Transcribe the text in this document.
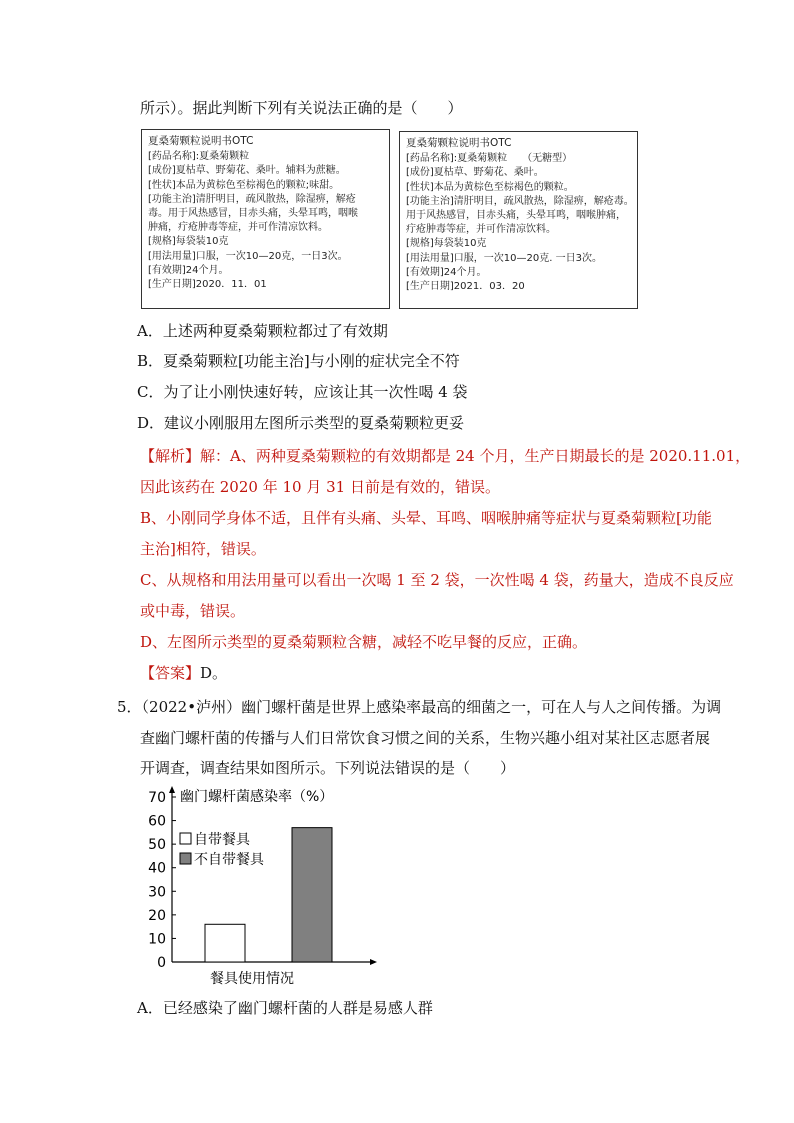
所示）。据此判断下列有关说法正确的是（　　）
夏桑菊颗粒说明书OTC
[药品名称]:夏桑菊颗粒
[成份]夏枯草、野菊花、桑叶。辅料为蔗糖。
[性状]本品为黄棕色至棕褐色的颗粒;味甜。
[功能主治]清肝明目，疏风散热，除湿痹，解疮
毒。用于风热感冒，目赤头痛，头晕耳鸣，咽喉
肿痛，疔疮肿毒等症，并可作清凉饮料。
[规格]每袋装10克
[用法用量]口服，一次10—20克，一日3次。
[有效期]24个月。
[生产日期]2020．11．01
夏桑菊颗粒说明书OTC
[药品名称]:夏桑菊颗粒　　（无糖型）
[成份]夏枯草、野菊花、桑叶。
[性状]本品为黄棕色至棕褐色的颗粒。
[功能主治]清肝明目，疏风散热，除湿痹，解疮毒。
用于风热感冒，目赤头痛，头晕耳鸣，咽喉肿痛，
疔疮肿毒等症，并可作清凉饮料。
[规格]每袋装10克
[用法用量]口服，一次10—20克. 一日3次。
[有效期]24个月。
[生产日期]2021．03．20
A．上述两种夏桑菊颗粒都过了有效期
B．夏桑菊颗粒[功能主治]与小刚的症状完全不符
C．为了让小刚快速好转，应该让其一次性喝 4 袋
D．建议小刚服用左图所示类型的夏桑菊颗粒更妥
【解析】解：A、两种夏桑菊颗粒的有效期都是 24 个月，生产日期最长的是 2020.11.01，
因此该药在 2020 年 10 月 31 日前是有效的，错误。
B、小刚同学身体不适，且伴有头痛、头晕、耳鸣、咽喉肿痛等症状与夏桑菊颗粒[功能
主治]相符，错误。
C、从规格和用法用量可以看出一次喝 1 至 2 袋，一次性喝 4 袋，药量大，造成不良反应
或中毒，错误。
D、左图所示类型的夏桑菊颗粒含糖，减轻不吃早餐的反应，正确。
【答案】D。
5．（2022•泸州）幽门螺杆菌是世界上感染率最高的细菌之一，可在人与人之间传播。为调
查幽门螺杆菌的传播与人们日常饮食习惯之间的关系，生物兴趣小组对某社区志愿者展
开调查，调查结果如图所示。下列说法错误的是（　　）
0
10
20
30
40
50
60
70 幽门螺杆菌感染率（%）
自带餐具
不自带餐具
餐具使用情况
A．已经感染了幽门螺杆菌的人群是易感人群
